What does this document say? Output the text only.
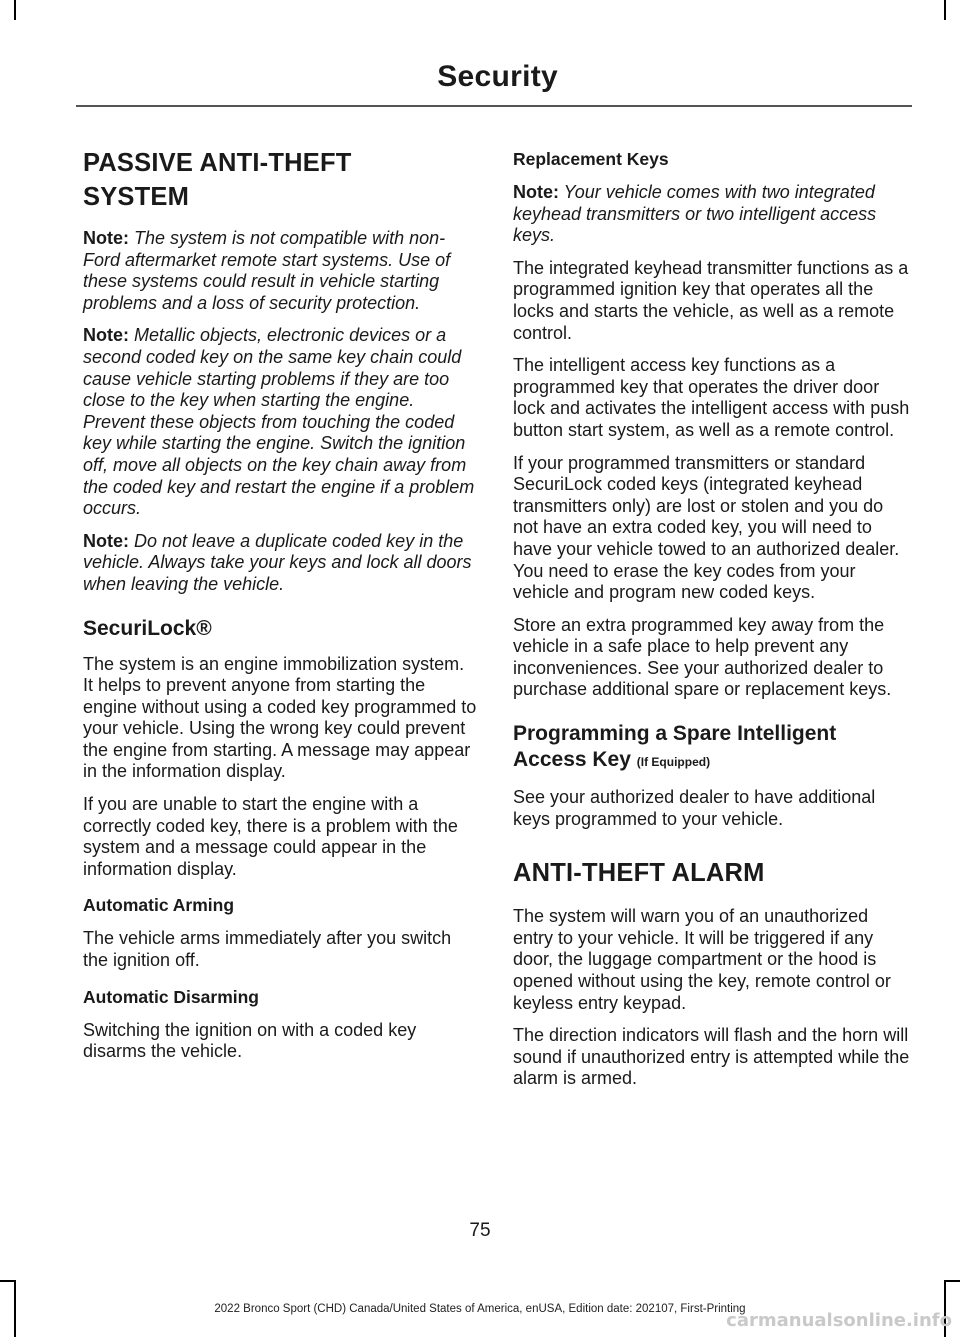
Security
PASSIVE ANTI-THEFT
SYSTEM

Note: The system is not compatible with non-Ford aftermarket remote start systems. Use of these systems could result in vehicle starting problems and a loss of security protection.

Note: Metallic objects, electronic devices or a second coded key on the same key chain could cause vehicle starting problems if they are too close to the key when starting the engine. Prevent these objects from touching the coded key while starting the engine. Switch the ignition off, move all objects on the key chain away from the coded key and restart the engine if a problem occurs.

Note: Do not leave a duplicate coded key in the vehicle. Always take your keys and lock all doors when leaving the vehicle.

SecuriLock®

The system is an engine immobilization system. It helps to prevent anyone from starting the engine without using a coded key programmed to your vehicle. Using the wrong key could prevent the engine from starting. A message may appear in the information display.

If you are unable to start the engine with a correctly coded key, there is a problem with the system and a message could appear in the information display.

Automatic Arming

The vehicle arms immediately after you switch the ignition off.

Automatic Disarming

Switching the ignition on with a coded key disarms the vehicle.

Replacement Keys

Note: Your vehicle comes with two integrated keyhead transmitters or two intelligent access keys.

The integrated keyhead transmitter functions as a programmed ignition key that operates all the locks and starts the vehicle, as well as a remote control.

The intelligent access key functions as a programmed key that operates the driver door lock and activates the intelligent access with push button start system, as well as a remote control.

If your programmed transmitters or standard SecuriLock coded keys (integrated keyhead transmitters only) are lost or stolen and you do not have an extra coded key, you will need to have your vehicle towed to an authorized dealer. You need to erase the key codes from your vehicle and program new coded keys.

Store an extra programmed key away from the vehicle in a safe place to help prevent any inconveniences. See your authorized dealer to purchase additional spare or replacement keys.

Programming a Spare Intelligent
Access Key (If Equipped)

See your authorized dealer to have additional keys programmed to your vehicle.

ANTI-THEFT ALARM

The system will warn you of an unauthorized entry to your vehicle. It will be triggered if any door, the luggage compartment or the hood is opened without using the key, remote control or keyless entry keypad.

The direction indicators will flash and the horn will sound if unauthorized entry is attempted while the alarm is armed.

75
2022 Bronco Sport (CHD) Canada/United States of America, enUSA, Edition date: 202107, First-Printing
carmanualsonline.info
